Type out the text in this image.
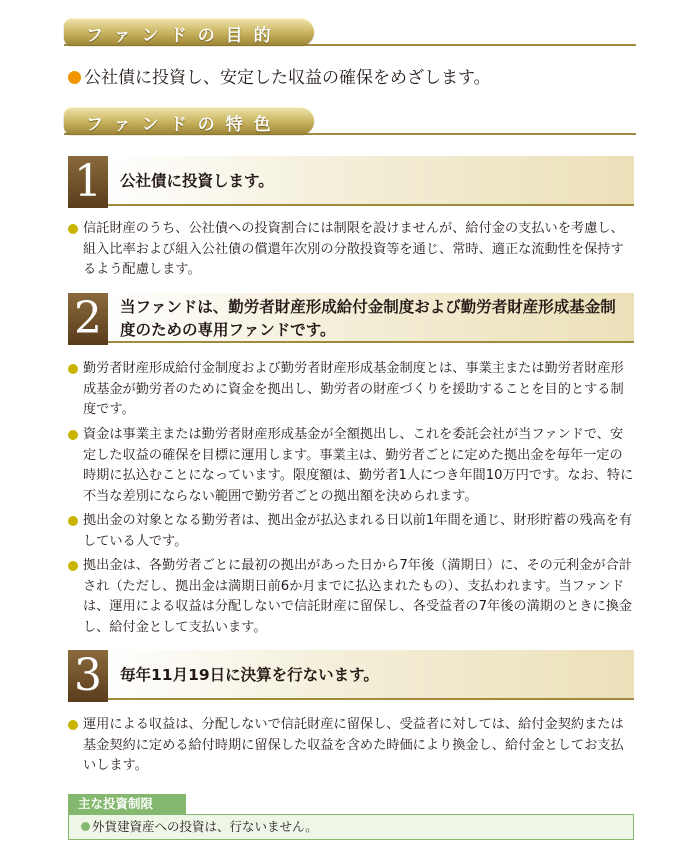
ファンドの目的
公社債に投資し、安定した収益の確保をめざします。
ファンドの特色
1	公社債に投資します。
信託財産のうち、公社債への投資割合には制限を設けませんが、給付金の支払いを考慮し、組入比率および組入公社債の償還年次別の分散投資等を通じ、常時、適正な流動性を保持するよう配慮します。
2	当ファンドは、勤労者財産形成給付金制度および勤労者財産形成基金制度のための専用ファンドです。
勤労者財産形成給付金制度および勤労者財産形成基金制度とは、事業主または勤労者財産形成基金が勤労者のために資金を拠出し、勤労者の財産づくりを援助することを目的とする制度です。
資金は事業主または勤労者財産形成基金が全額拠出し、これを委託会社が当ファンドで、安定した収益の確保を目標に運用します。事業主は、勤労者ごとに定めた拠出金を毎年一定の時期に払込むことになっています。限度額は、勤労者1人につき年間10万円です。なお、特に不当な差別にならない範囲で勤労者ごとの拠出額を決められます。
拠出金の対象となる勤労者は、拠出金が払込まれる日以前1年間を通じ、財形貯蓄の残高を有している人です。
拠出金は、各勤労者ごとに最初の拠出があった日から7年後（満期日）に、その元利金が合計され（ただし、拠出金は満期日前6か月までに払込まれたもの）、支払われます。当ファンドは、運用による収益は分配しないで信託財産に留保し、各受益者の7年後の満期のときに換金し、給付金として支払います。
3	毎年11月19日に決算を行ないます。
運用による収益は、分配しないで信託財産に留保し、受益者に対しては、給付金契約または基金契約に定める給付時期に留保した収益を含めた時価により換金し、給付金としてお支払いします。
主な投資制限
外貨建資産への投資は、行ないません。
